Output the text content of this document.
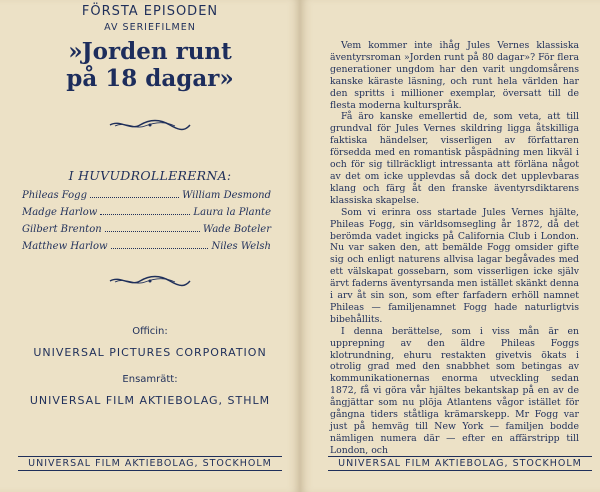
FÖRSTA EPISODEN
AV SERIEFILMEN
»Jorden runt
på 18 dagar»
I HUVUDROLLERERNA:
Phileas Fogg	William Desmond
Madge Harlow	Laura la Plante
Gilbert Brenton	Wade Boteler
Matthew Harlow	Niles Welsh
Officin:
UNIVERSAL PICTURES CORPORATION
Ensamrätt:
UNIVERSAL FILM AKTIEBOLAG, STHLM
UNIVERSAL FILM AKTIEBOLAG, STOCKHOLM

Vem kommer inte ihåg Jules Vernes klassiska äventyrsroman »Jorden runt på 80 dagar»? För flera generationer ungdom har den varit ungdomsårens kanske käraste läsning, och runt hela världen har den spritts i millioner exemplar, översatt till de flesta moderna kulturspråk.

Få äro kanske emellertid de, som veta, att till grundval för Jules Vernes skildring ligga åtskilliga faktiska händelser, visserligen av författaren försedda med en romantisk påspädning men likväl i och för sig tillräckligt intressanta att förläna något av det om icke upplevdas så dock det upplevbaras klang och färg åt den franske äventyrsdiktarens klassiska skapelse.

Som vi erinra oss startade Jules Vernes hjälte, Phileas Fogg, sin världsomsegling år 1872, då det berömda vadet ingicks på California Club i London. Nu var saken den, att bemälde Fogg omsider gifte sig och enligt naturens allvisa lagar begåvades med ett välskapat gossebarn, som visserligen icke själv ärvt faderns äventyrsanda men istället skänkt denna i arv åt sin son, som efter farfadern erhöll namnet Phileas — familjenamnet Fogg hade naturligtvis bibehållits.

I denna berättelse, som i viss mån är en upprepning av den äldre Phileas Foggs klotrundning, ehuru restakten givetvis ökats i otrolig grad med den snabbhet som betingas av kommunikationernas enorma utveckling sedan 1872, få vi göra vår hjältes bekantskap på en av de ångjättar som nu plöja Atlantens vågor istället för gångna tiders ståtliga krämarskepp. Mr Fogg var just på hemväg till New York — familjen bodde nämligen numera där — efter en affärstripp till London, och

UNIVERSAL FILM AKTIEBOLAG, STOCKHOLM
